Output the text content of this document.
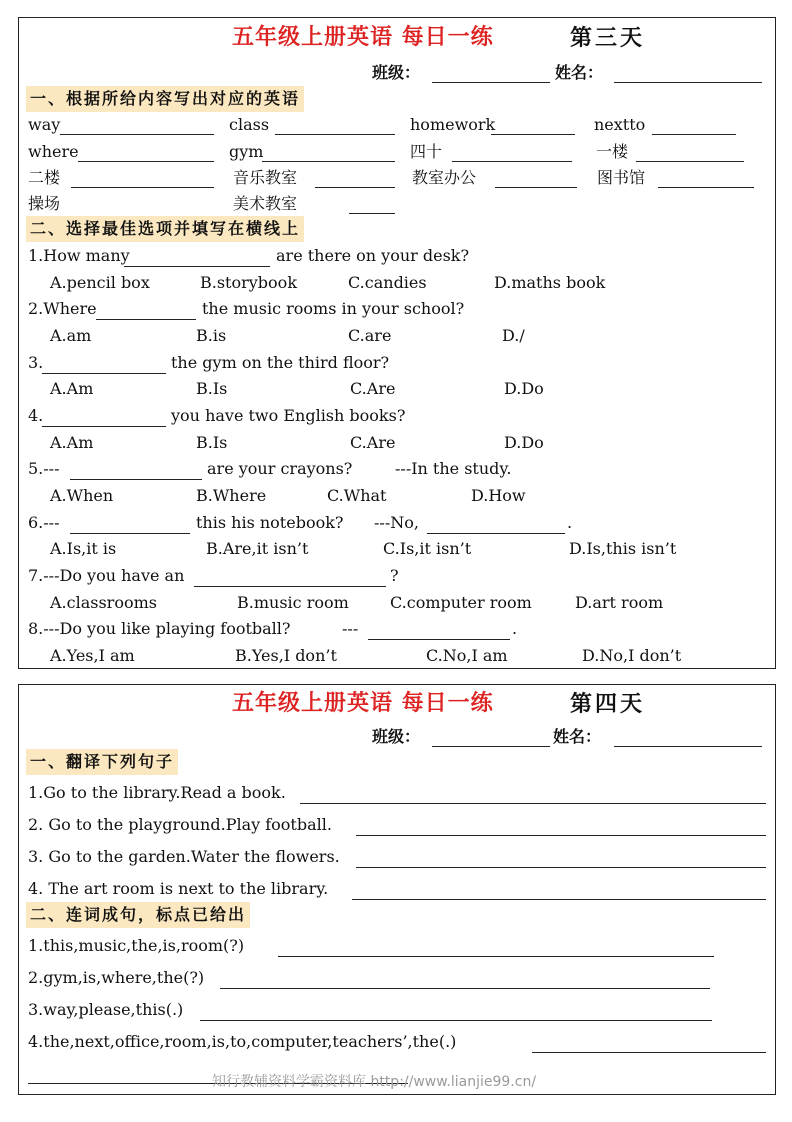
五年级上册英语 每日一练	第三天
班级：	姓名：
一、根据所给内容写出对应的英语
way	class	homework	nextto
where	gym	四十	一楼
二楼	音乐教室	教室办公	图书馆
操场	美术教室
二、选择最佳选项并填写在横线上
1.How many	are there on your desk?
A.pencil box	B.storybook	C.candies	D.maths book
2.Where	the music rooms in your school?
A.am	B.is	C.are	D./
3.	the gym on the third floor?
A.Am	B.Is	C.Are	D.Do
4.	you have two English books?
A.Am	B.Is	C.Are	D.Do
5.---	are your crayons?	---In the study.
A.When	B.Where	C.What	D.How
6.---	this his notebook? ---No,	.
A.Is,it is	B.Are,it isn’t	C.Is,it isn’t	D.Is,this isn’t
7.---Do you have an	?
A.classrooms	B.music room	C.computer room	D.art room
8.---Do you like playing football?	---	.
A.Yes,I am	B.Yes,I don’t	C.No,I am	D.No,I don’t
五年级上册英语 每日一练	第四天
班级：	姓名：
一、翻译下列句子
1.Go to the library.Read a book.
2. Go to the playground.Play football.
3. Go to the garden.Water the flowers.
4. The art room is next to the library.
二、连词成句，标点已给出
1.this,music,the,is,room(?)
2.gym,is,where,the(?)
3.way,please,this(.)
4.the,next,office,room,is,to,computer,teachers’,the(.)
知行教辅资料学霸资料库 http://www.lianjie99.cn/
